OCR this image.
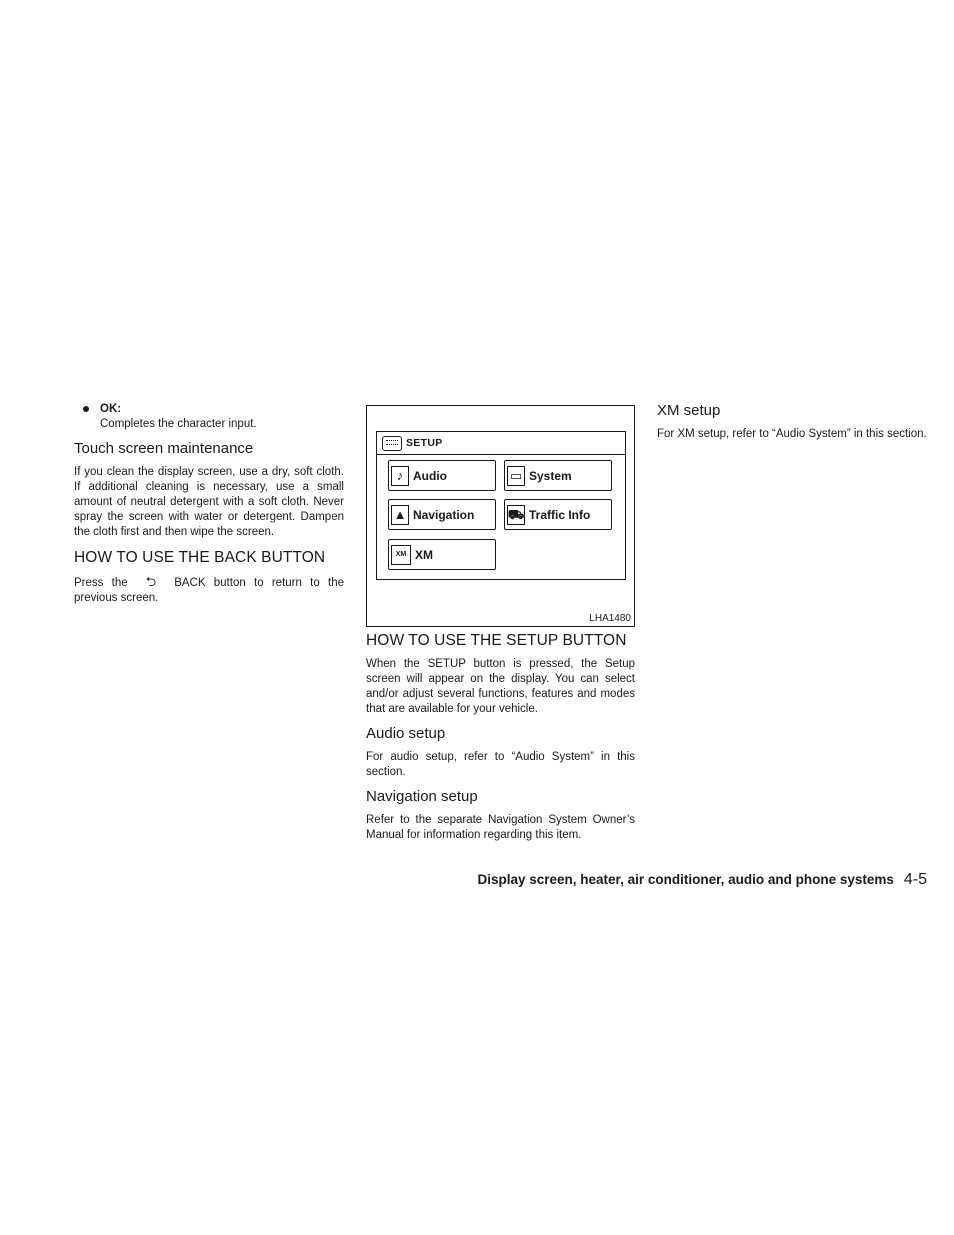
OK:
Completes the character input.
Touch screen maintenance

If you clean the display screen, use a dry, soft cloth. If additional cleaning is necessary, use a small amount of neutral detergent with a soft cloth. Never spray the screen with water or detergent. Dampen the cloth first and then wipe the screen.

HOW TO USE THE BACK BUTTON

Press the ⮌ BACK button to return to the previous screen.

SETUP
♪ Audio	▭ System
▲ Navigation	⛟ Traffic Info
XM XM
LHA1480
HOW TO USE THE SETUP BUTTON

When the SETUP button is pressed, the Setup screen will appear on the display. You can select and/or adjust several functions, features and modes that are available for your vehicle.

Audio setup

For audio setup, refer to “Audio System” in this section.

Navigation setup

Refer to the separate Navigation System Owner’s Manual for information regarding this item.

XM setup

For XM setup, refer to “Audio System” in this section.

Display screen, heater, air conditioner, audio and phone systems 4-5
